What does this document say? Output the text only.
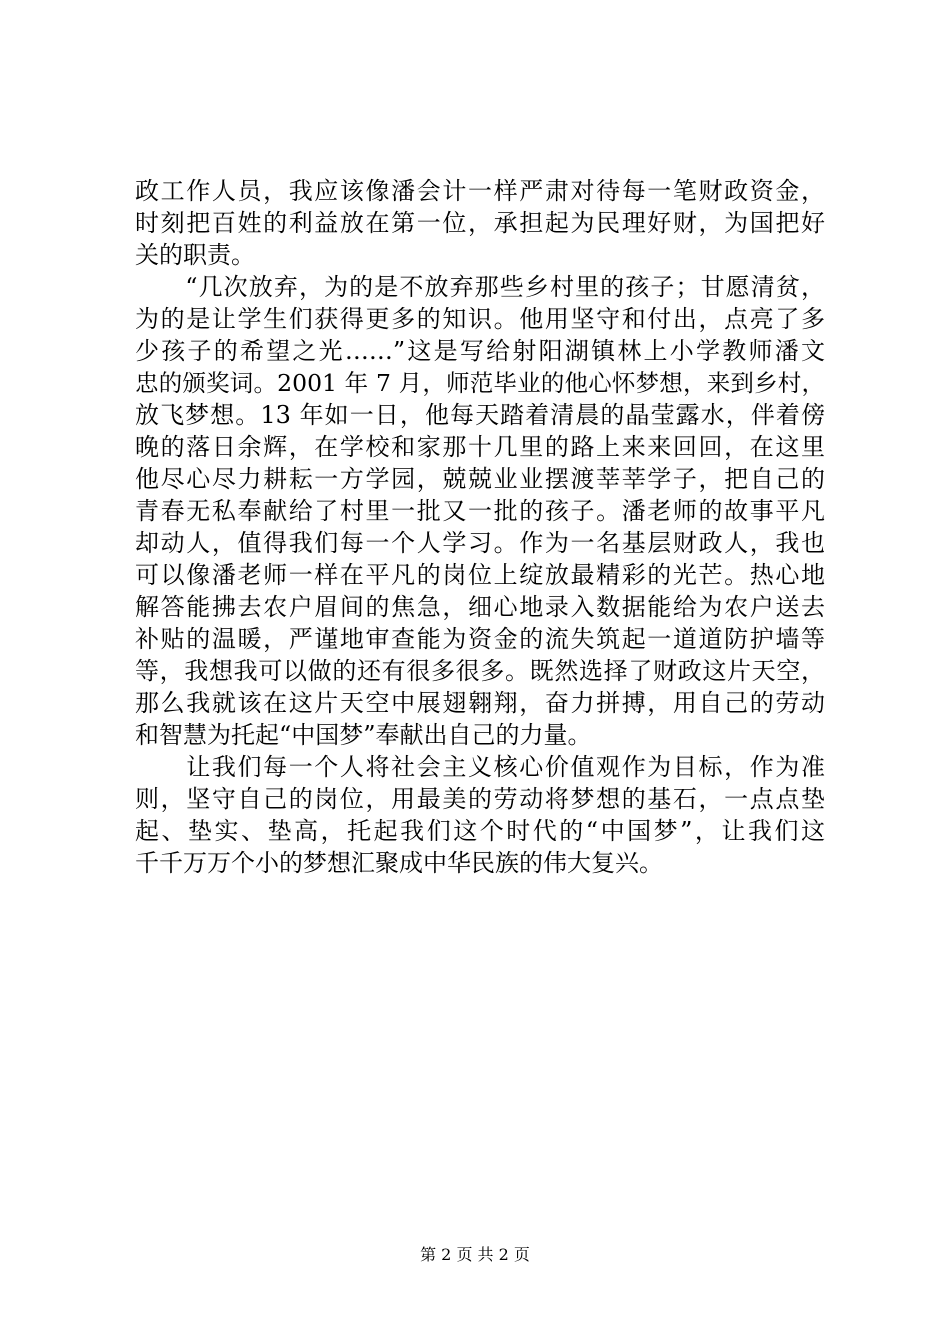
政工作人员，我应该像潘会计一样严肃对待每一笔财政资金，
时刻把百姓的利益放在第一位，承担起为民理好财，为国把好
关的职责。
　　“几次放弃，为的是不放弃那些乡村里的孩子；甘愿清贫，
为的是让学生们获得更多的知识。他用坚守和付出，点亮了多
少孩子的希望之光……”这是写给射阳湖镇林上小学教师潘文
忠的颁奖词。2001 年 7 月，师范毕业的他心怀梦想，来到乡村，
放飞梦想。13 年如一日，他每天踏着清晨的晶莹露水，伴着傍
晚的落日余辉，在学校和家那十几里的路上来来回回，在这里
他尽心尽力耕耘一方学园，兢兢业业摆渡莘莘学子，把自己的
青春无私奉献给了村里一批又一批的孩子。潘老师的故事平凡
却动人，值得我们每一个人学习。作为一名基层财政人，我也
可以像潘老师一样在平凡的岗位上绽放最精彩的光芒。热心地
解答能拂去农户眉间的焦急，细心地录入数据能给为农户送去
补贴的温暖，严谨地审查能为资金的流失筑起一道道防护墙等
等，我想我可以做的还有很多很多。既然选择了财政这片天空，
那么我就该在这片天空中展翅翱翔，奋力拼搏，用自己的劳动
和智慧为托起“中国梦”奉献出自己的力量。
　　让我们每一个人将社会主义核心价值观作为目标，作为准
则，坚守自己的岗位，用最美的劳动将梦想的基石，一点点垫
起、垫实、垫高，托起我们这个时代的“中国梦”，让我们这
千千万万个小的梦想汇聚成中华民族的伟大复兴。
第 2 页 共 2 页
